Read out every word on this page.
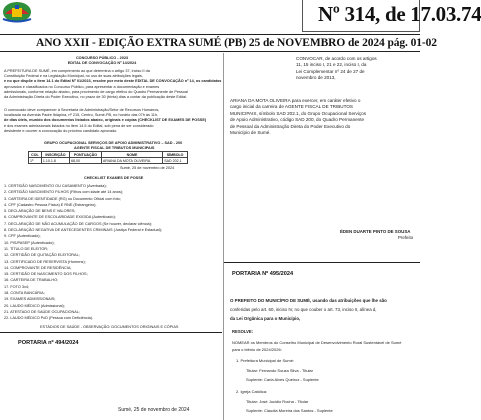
Nº 314, de 17.03.74
ANO XXII - EDIÇÃO EXTRA SUMÉ (PB) 25 de NOVEMBRO de 2024 pág. 01-02
CONCURSO PÚBLICO - 2023
EDITAL DE CONVOCAÇÃO Nº 14/2024
A PREFEITURA DE SUMÉ, em cumprimento ao que determina o artigo 37, inciso II da
Constituição Federal e na Legislação Municipal, no uso de suas atribuições legais,
e no que dispõe o item 14.1 do Edital Nº 01/2023, resolve por meio deste EDITAL DE CONVOCAÇÃO nº 14, os candidatos
aprovados e classificados no Concurso Público, para apresentar a documentação e exames
admissionais, conforme relação abaixo, para provimento de cargo efetivo do Quadro Permanente de Pessoal
da Administração Direta do Poder Executivo, no prazo de 30 (trinta) dias a contar da publicação deste Edital.
O convocado deve comparecer à Secretaria de Administração/Setor de Recursos Humanos,
localizada na Avenida Padre Ibiapina, nº 215, Centro, Sumé-PB, no horário das 07h às 11h,
de dias úteis, munido dos documentos listados abaixo, originais e cópias (CHECKLIST DE EXAMES DE POSSE)
e dos exames admissionais listados no item 14.5 do Edital, sob pena de ser considerado
desistente e ocorrer a convocação do próximo candidato aprovado.
GRUPO OCUPACIONAL SERVIÇOS DE APOIO ADMINISTRATIVO – SAD - 200
AGENTE FISCAL DE TRIBUTOS MUNICIPAIS
COL	INSCRIÇÃO	PONTUAÇÃO	NOME	SÍMBOLO
1º	1.10.1.8	68,00	ARIANA DA MOTA OLIVEIRA	SAD 202.1
Sumé, 25 de novembro de 2024
CHECKLIST EXAMES DE POSSE
1. CERTIDÃO NASCIMENTO OU CASAMENTO (Averbada);
2. CERTIDÃO NASCIMENTO FILHOS (Filhos com idade até 14 anos);
3. CARTEIRA DE IDENTIDADE (RG) ou Documento Oficial com foto;
4. CPF (Cadastro Pessoa Física) E RNE (Estrangeiro);
5. DECLARAÇÃO DE BENS E VALORES;
6. COMPROVANTE DE ESCOLARIDADE EXIGIDA (Autenticado);
7. DECLARAÇÃO DE NÃO ACUMULAÇÃO DE CARGOS (Se houver, declarar ciência);
8. DECLARAÇÃO NEGATIVA DE ANTECEDENTES CRIMINAIS (Justiça Federal e Estadual);
9. CPF (Autenticado);
10. PIS/PASEP (Autenticado);
11. TÍTULO DE ELEITOR;
12. CERTIDÃO DE QUITAÇÃO ELEITORAL;
13. CERTIFICADO DE RESERVISTA (Homens);
14. COMPROVANTE DE RESIDÊNCIA;
15. CERTIDÃO DE NASCIMENTO DOS FILHOS;
16. CARTEIRA DE TRABALHO;
17. FOTO 3x4;
18. CONTA BANCÁRIA;
19. EXAMES ADMISSIONAIS;
20. LAUDO MÉDICO (Admissional);
21. ATESTADO DE SAÚDE OCUPACIONAL;
22. LAUDO MÉDICO PcD (Pessoa com Deficiência).
ESTÁDIOS DE SAÚDE - OBSERVAÇÃO: DOCUMENTOS ORIGINAIS E CÓPIAS
PORTARIA nº 494/2024
Sumé, 25 de novembro de 2024
CONVOCAR, de acordo com os artigos
11, 15 inciso I, 21 e 22, inciso I, da
Lei Complementar nº 24 de 27 de
novembro de 2013,
ARIANA DA MOTA OLIVEIRA para exercer, em caráter efetivo o
cargo inicial da carreira de AGENTE FISCAL DE TRIBUTOS
MUNICIPAIS, símbolo SAD 202.1, do Grupo Ocupacional Serviços
de Apoio Administrativo, código SAD 200, do Quadro Permanente
de Pessoal da Administração Direta do Poder Executivo do
Município de Sumé.
ÉDEN DUARTE PINTO DE SOUSA
Prefeito
PORTARIA Nº 495/2024
O PREFEITO DO MUNICÍPIO DE SUMÉ, usando das atribuições que lhe são
conferidas pelo art. 60, inciso IV, no que couber o art. 73, inciso II, alínea d,
da Lei Orgânica para o Município,
RESOLVE:
NOMEAR os Membros do Conselho Municipal de Desenvolvimento Rural Sustentável de Sumé
para o biênio de 2024/2026:
1. Prefeitura Municipal de Sumé:
Titular: Fernando Souza Silva - Titular
Suplente: Carla Alves Queiroz - Suplente
2. Igreja Católica:
Titular: José Jucidio Rocha - Titular
Suplente: Claudia Moreira dos Santos - Suplente
